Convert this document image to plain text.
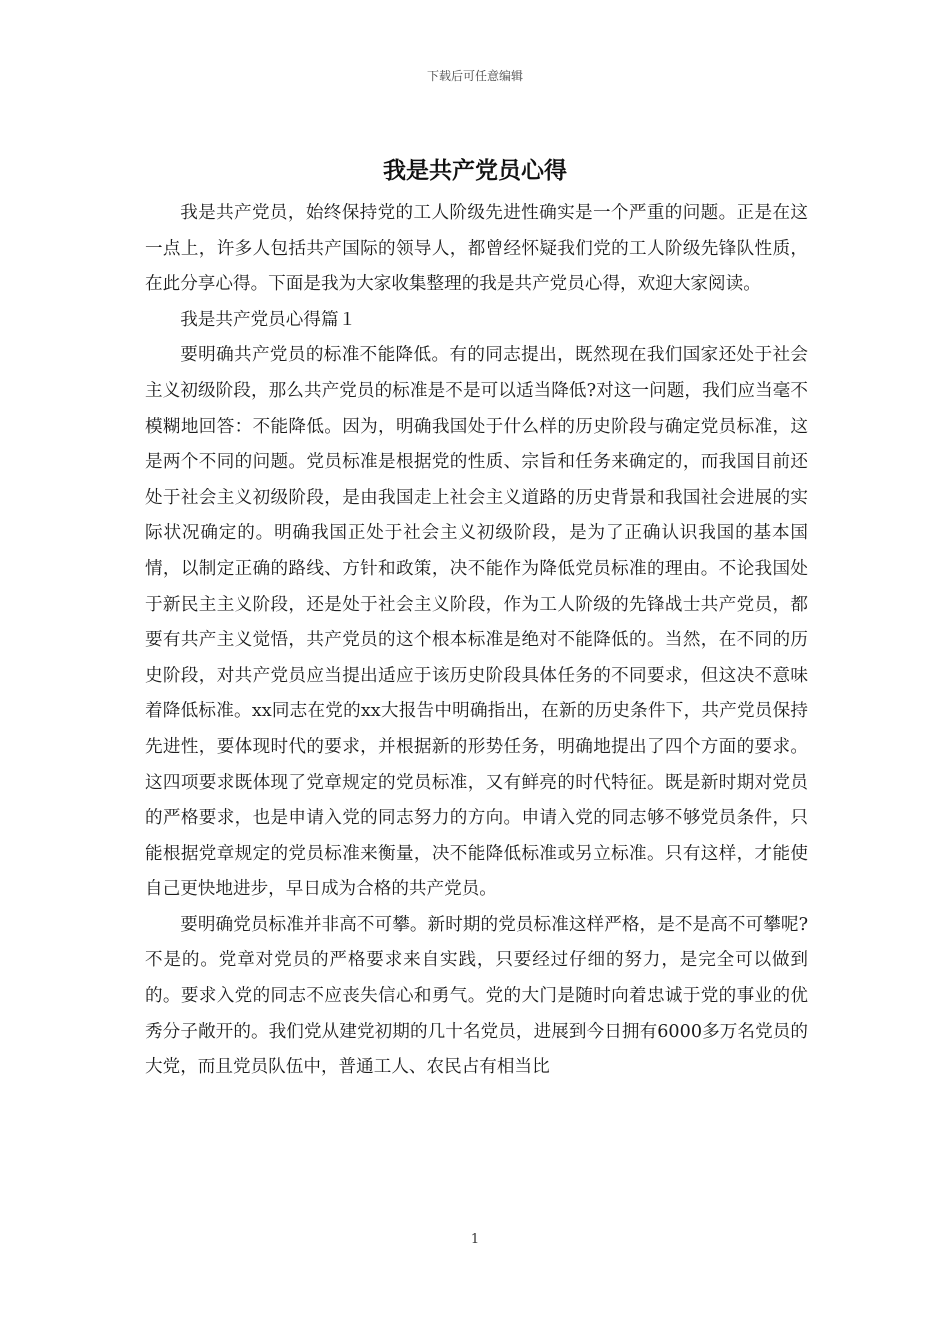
下载后可任意编辑
我是共产党员心得

我是共产党员，始终保持党的工人阶级先进性确实是一个严重的问题。正是在这一点上，许多人包括共产国际的领导人，都曾经怀疑我们党的工人阶级先锋队性质，在此分享心得。下面是我为大家收集整理的我是共产党员心得，欢迎大家阅读。

我是共产党员心得篇１

要明确共产党员的标准不能降低。有的同志提出，既然现在我们国家还处于社会主义初级阶段，那么共产党员的标准是不是可以适当降低?对这一问题，我们应当毫不模糊地回答：不能降低。因为，明确我国处于什么样的历史阶段与确定党员标准，这是两个不同的问题。党员标准是根据党的性质、宗旨和任务来确定的，而我国目前还处于社会主义初级阶段，是由我国走上社会主义道路的历史背景和我国社会进展的实际状况确定的。明确我国正处于社会主义初级阶段，是为了正确认识我国的基本国情，以制定正确的路线、方针和政策，决不能作为降低党员标准的理由。不论我国处于新民主主义阶段，还是处于社会主义阶段，作为工人阶级的先锋战士共产党员，都要有共产主义觉悟，共产党员的这个根本标准是绝对不能降低的。当然，在不同的历史阶段，对共产党员应当提出适应于该历史阶段具体任务的不同要求，但这决不意味着降低标准。xx同志在党的xx大报告中明确指出，在新的历史条件下，共产党员保持先进性，要体现时代的要求，并根据新的形势任务，明确地提出了四个方面的要求。这四项要求既体现了党章规定的党员标准，又有鲜亮的时代特征。既是新时期对党员的严格要求，也是申请入党的同志努力的方向。申请入党的同志够不够党员条件，只能根据党章规定的党员标准来衡量，决不能降低标准或另立标准。只有这样，才能使自己更快地进步，早日成为合格的共产党员。

要明确党员标准并非高不可攀。新时期的党员标准这样严格，是不是高不可攀呢?不是的。党章对党员的严格要求来自实践，只要经过仔细的努力，是完全可以做到的。要求入党的同志不应丧失信心和勇气。党的大门是随时向着忠诚于党的事业的优秀分子敞开的。我们党从建党初期的几十名党员，进展到今日拥有6000多万名党员的大党，而且党员队伍中，普通工人、农民占有相当比

1
